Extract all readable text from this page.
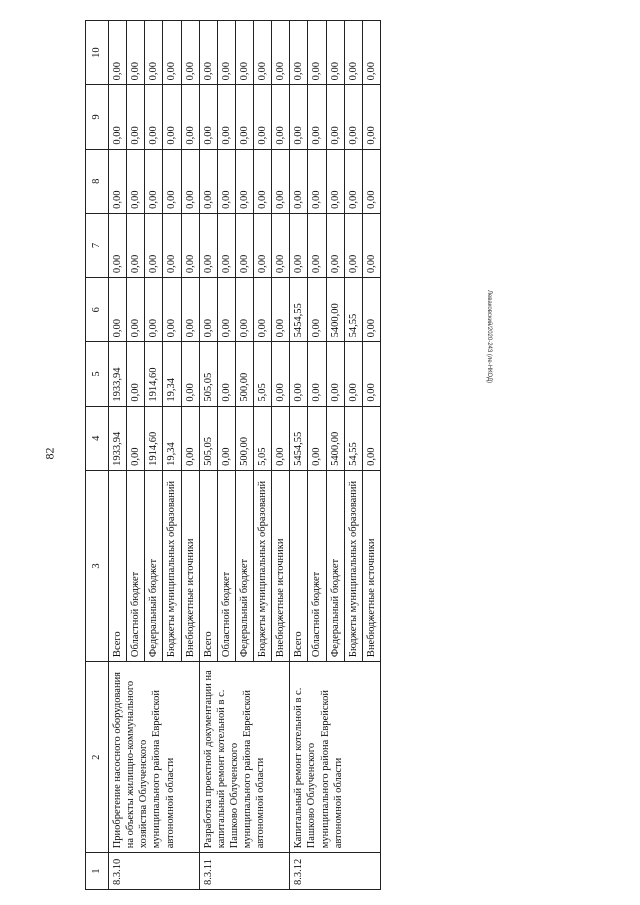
82
Леваковский/2020-243 (ле-НКОД)
1	2	3	4	5	6	7	8	9	10
8.3.10	Приобретение насосного оборудования на объекты жилищно-коммунального хозяйства Облученского муниципального района Еврейской автономной области	Всего	1933,94	1933,94	0,00	0,00	0,00	0,00	0,00
		Областной бюджет	0,00	0,00	0,00	0,00	0,00	0,00	0,00
		Федеральный бюджет	1914,60	1914,60	0,00	0,00	0,00	0,00	0,00
		Бюджеты муниципальных образований	19,34	19,34	0,00	0,00	0,00	0,00	0,00
		Внебюджетные источники	0,00	0,00	0,00	0,00	0,00	0,00	0,00
8.3.11	Разработка проектной документации на капитальный ремонт котельной в с. Пашково Облученского муниципального района Еврейской автономной области	Всего	505,05	505,05	0,00	0,00	0,00	0,00	0,00
		Областной бюджет	0,00	0,00	0,00	0,00	0,00	0,00	0,00
		Федеральный бюджет	500,00	500,00	0,00	0,00	0,00	0,00	0,00
		Бюджеты муниципальных образований	5,05	5,05	0,00	0,00	0,00	0,00	0,00
		Внебюджетные источники	0,00	0,00	0,00	0,00	0,00	0,00	0,00
8.3.12	Капитальный ремонт котельной в с. Пашково Облученского муниципального района Еврейской автономной области	Всего	5454,55	0,00	5454,55	0,00	0,00	0,00	0,00
		Областной бюджет	0,00	0,00	0,00	0,00	0,00	0,00	0,00
		Федеральный бюджет	5400,00	0,00	5400,00	0,00	0,00	0,00	0,00
		Бюджеты муниципальных образований	54,55	0,00	54,55	0,00	0,00	0,00	0,00
		Внебюджетные источники	0,00	0,00	0,00	0,00	0,00	0,00	0,00
